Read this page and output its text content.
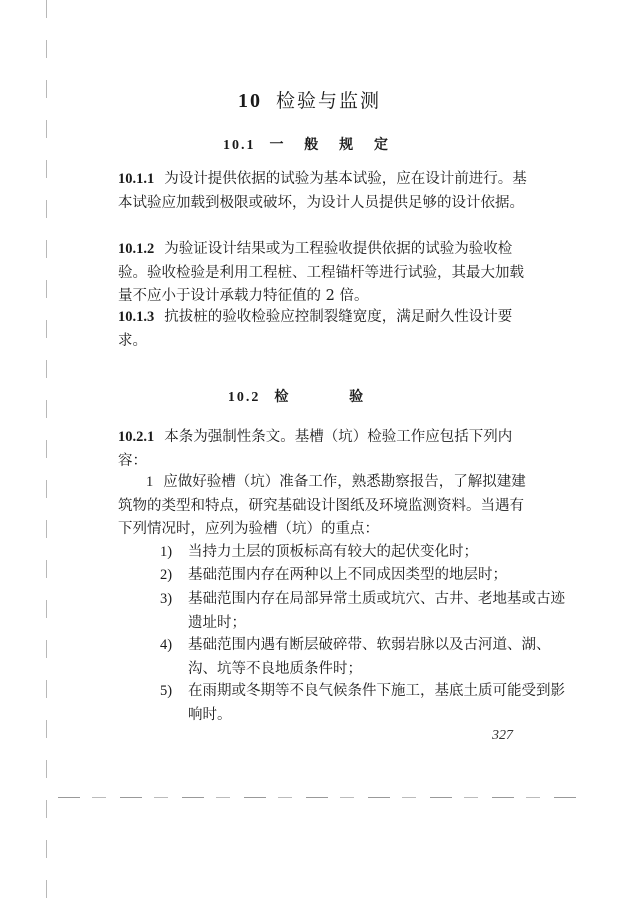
10 检验与监测
10.1 一 般 规 定
10.1.1 为设计提供依据的试验为基本试验，应在设计前进行。基本试验应加载到极限或破坏，为设计人员提供足够的设计依据。
10.1.2 为验证设计结果或为工程验收提供依据的试验为验收检验。验收检验是利用工程桩、工程锚杆等进行试验，其最大加载量不应小于设计承载力特征值的 2 倍。
10.1.3 抗拔桩的验收检验应控制裂缝宽度，满足耐久性设计要求。
10.2 检 验
10.2.1 本条为强制性条文。基槽（坑）检验工作应包括下列内容：
1 应做好验槽（坑）准备工作，熟悉勘察报告，了解拟建建筑物的类型和特点，研究基础设计图纸及环境监测资料。当遇有下列情况时，应列为验槽（坑）的重点：
1) 当持力土层的顶板标高有较大的起伏变化时；
2) 基础范围内存在两种以上不同成因类型的地层时；
3) 基础范围内存在局部异常土质或坑穴、古井、老地基或古迹遗址时；
4) 基础范围内遇有断层破碎带、软弱岩脉以及古河道、湖、沟、坑等不良地质条件时；
5) 在雨期或冬期等不良气候条件下施工，基底土质可能受到影响时。
327
